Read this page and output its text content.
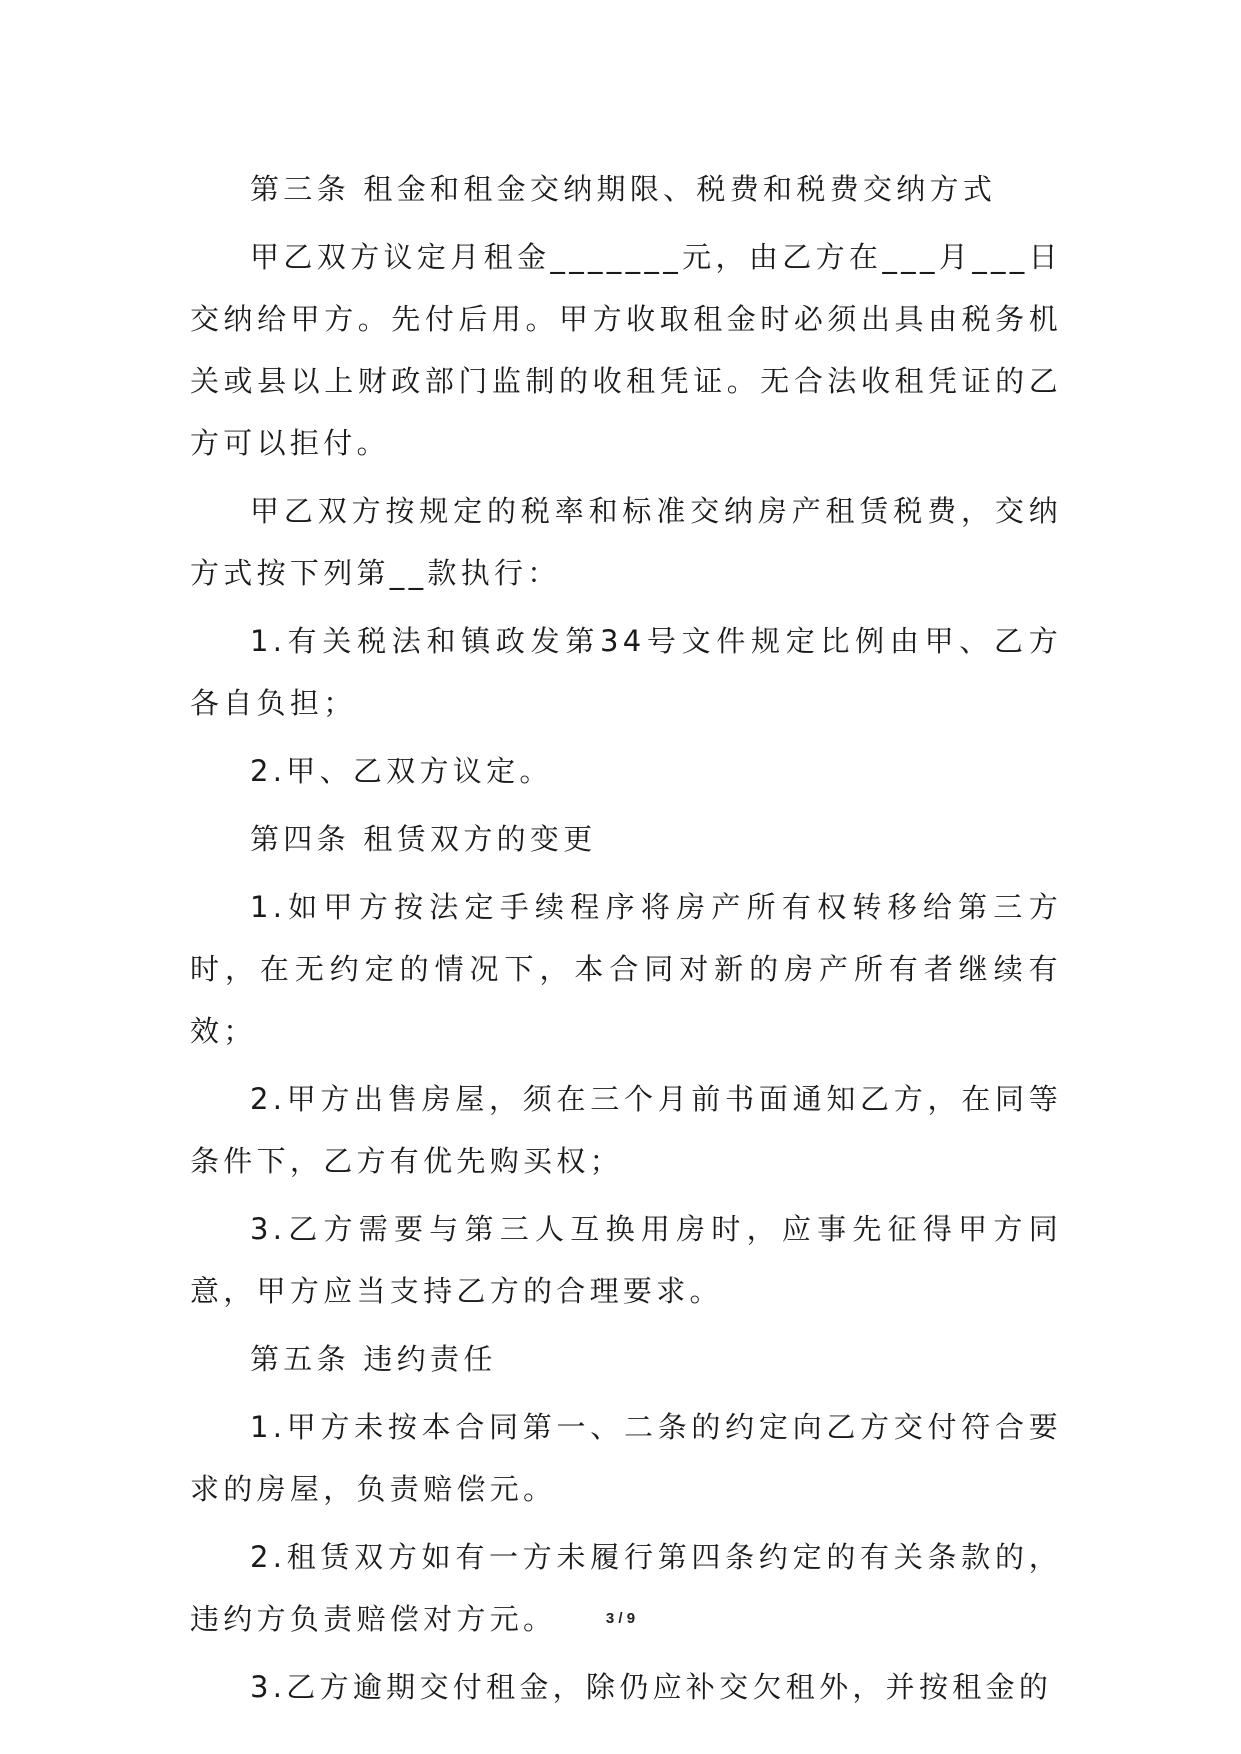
第三条 租金和租金交纳期限、税费和税费交纳方式

甲乙双方议定月租金_______元，由乙方在___月___日交纳给甲方。先付后用。甲方收取租金时必须出具由税务机关或县以上财政部门监制的收租凭证。无合法收租凭证的乙方可以拒付。

甲乙双方按规定的税率和标准交纳房产租赁税费，交纳方式按下列第__款执行：

1.有关税法和镇政发第34号文件规定比例由甲、乙方各自负担；

2.甲、乙双方议定。

第四条 租赁双方的变更

1.如甲方按法定手续程序将房产所有权转移给第三方时，在无约定的情况下，本合同对新的房产所有者继续有效；

2.甲方出售房屋，须在三个月前书面通知乙方，在同等条件下，乙方有优先购买权；

3.乙方需要与第三人互换用房时，应事先征得甲方同意，甲方应当支持乙方的合理要求。

第五条 违约责任

1.甲方未按本合同第一、二条的约定向乙方交付符合要求的房屋，负责赔偿元。

2.租赁双方如有一方未履行第四条约定的有关条款的，违约方负责赔偿对方元。

3.乙方逾期交付租金，除仍应补交欠租外，并按租金的

3 / 9
